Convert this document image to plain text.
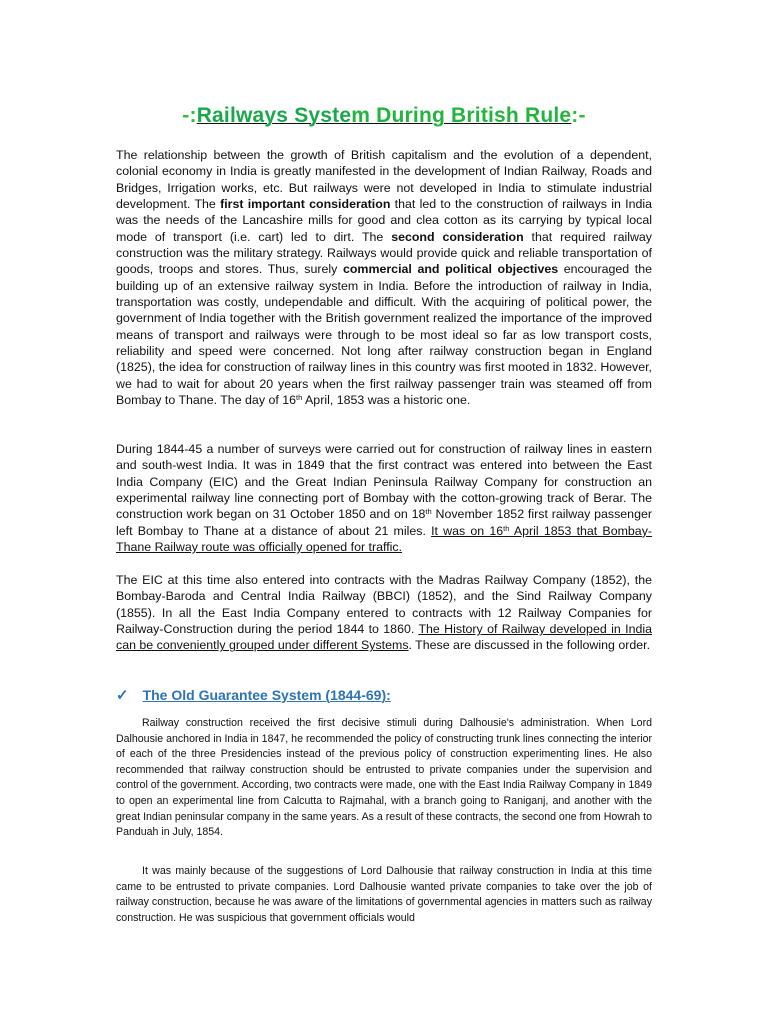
-:Railways System During British Rule:-

The relationship between the growth of British capitalism and the evolution of a dependent, colonial economy in India is greatly manifested in the development of Indian Railway, Roads and Bridges, Irrigation works, etc. But railways were not developed in India to stimulate industrial development. The first important consideration that led to the construction of railways in India was the needs of the Lancashire mills for good and clea cotton as its carrying by typical local mode of transport (i.e. cart) led to dirt. The second consideration that required railway construction was the military strategy. Railways would provide quick and reliable transportation of goods, troops and stores. Thus, surely commercial and political objectives encouraged the building up of an extensive railway system in India. Before the introduction of railway in India, transportation was costly, undependable and difficult. With the acquiring of political power, the government of India together with the British government realized the importance of the improved means of transport and railways were through to be most ideal so far as low transport costs, reliability and speed were concerned. Not long after railway construction began in England (1825), the idea for construction of railway lines in this country was first mooted in 1832. However, we had to wait for about 20 years when the first railway passenger train was steamed off from Bombay to Thane. The day of 16th April, 1853 was a historic one.

During 1844-45 a number of surveys were carried out for construction of railway lines in eastern and south-west India. It was in 1849 that the first contract was entered into between the East India Company (EIC) and the Great Indian Peninsula Railway Company for construction an experimental railway line connecting port of Bombay with the cotton-growing track of Berar. The construction work began on 31 October 1850 and on 18th November 1852 first railway passenger left Bombay to Thane at a distance of about 21 miles. It was on 16th April 1853 that Bombay-Thane Railway route was officially opened for traffic.

The EIC at this time also entered into contracts with the Madras Railway Company (1852), the Bombay-Baroda and Central India Railway (BBCI) (1852), and the Sind Railway Company (1855). In all the East India Company entered to contracts with 12 Railway Companies for Railway-Construction during the period 1844 to 1860. The History of Railway developed in India can be conveniently grouped under different Systems. These are discussed in the following order.

✓ The Old Guarantee System (1844-69):

Railway construction received the first decisive stimuli during Dalhousie's administration. When Lord Dalhousie anchored in India in 1847, he recommended the policy of constructing trunk lines connecting the interior of each of the three Presidencies instead of the previous policy of construction experimenting lines. He also recommended that railway construction should be entrusted to private companies under the supervision and control of the government. According, two contracts were made, one with the East India Railway Company in 1849 to open an experimental line from Calcutta to Rajmahal, with a branch going to Raniganj, and another with the great Indian peninsular company in the same years. As a result of these contracts, the second one from Howrah to Panduah in July, 1854.

It was mainly because of the suggestions of Lord Dalhousie that railway construction in India at this time came to be entrusted to private companies. Lord Dalhousie wanted private companies to take over the job of railway construction, because he was aware of the limitations of governmental agencies in matters such as railway construction. He was suspicious that government officials would
